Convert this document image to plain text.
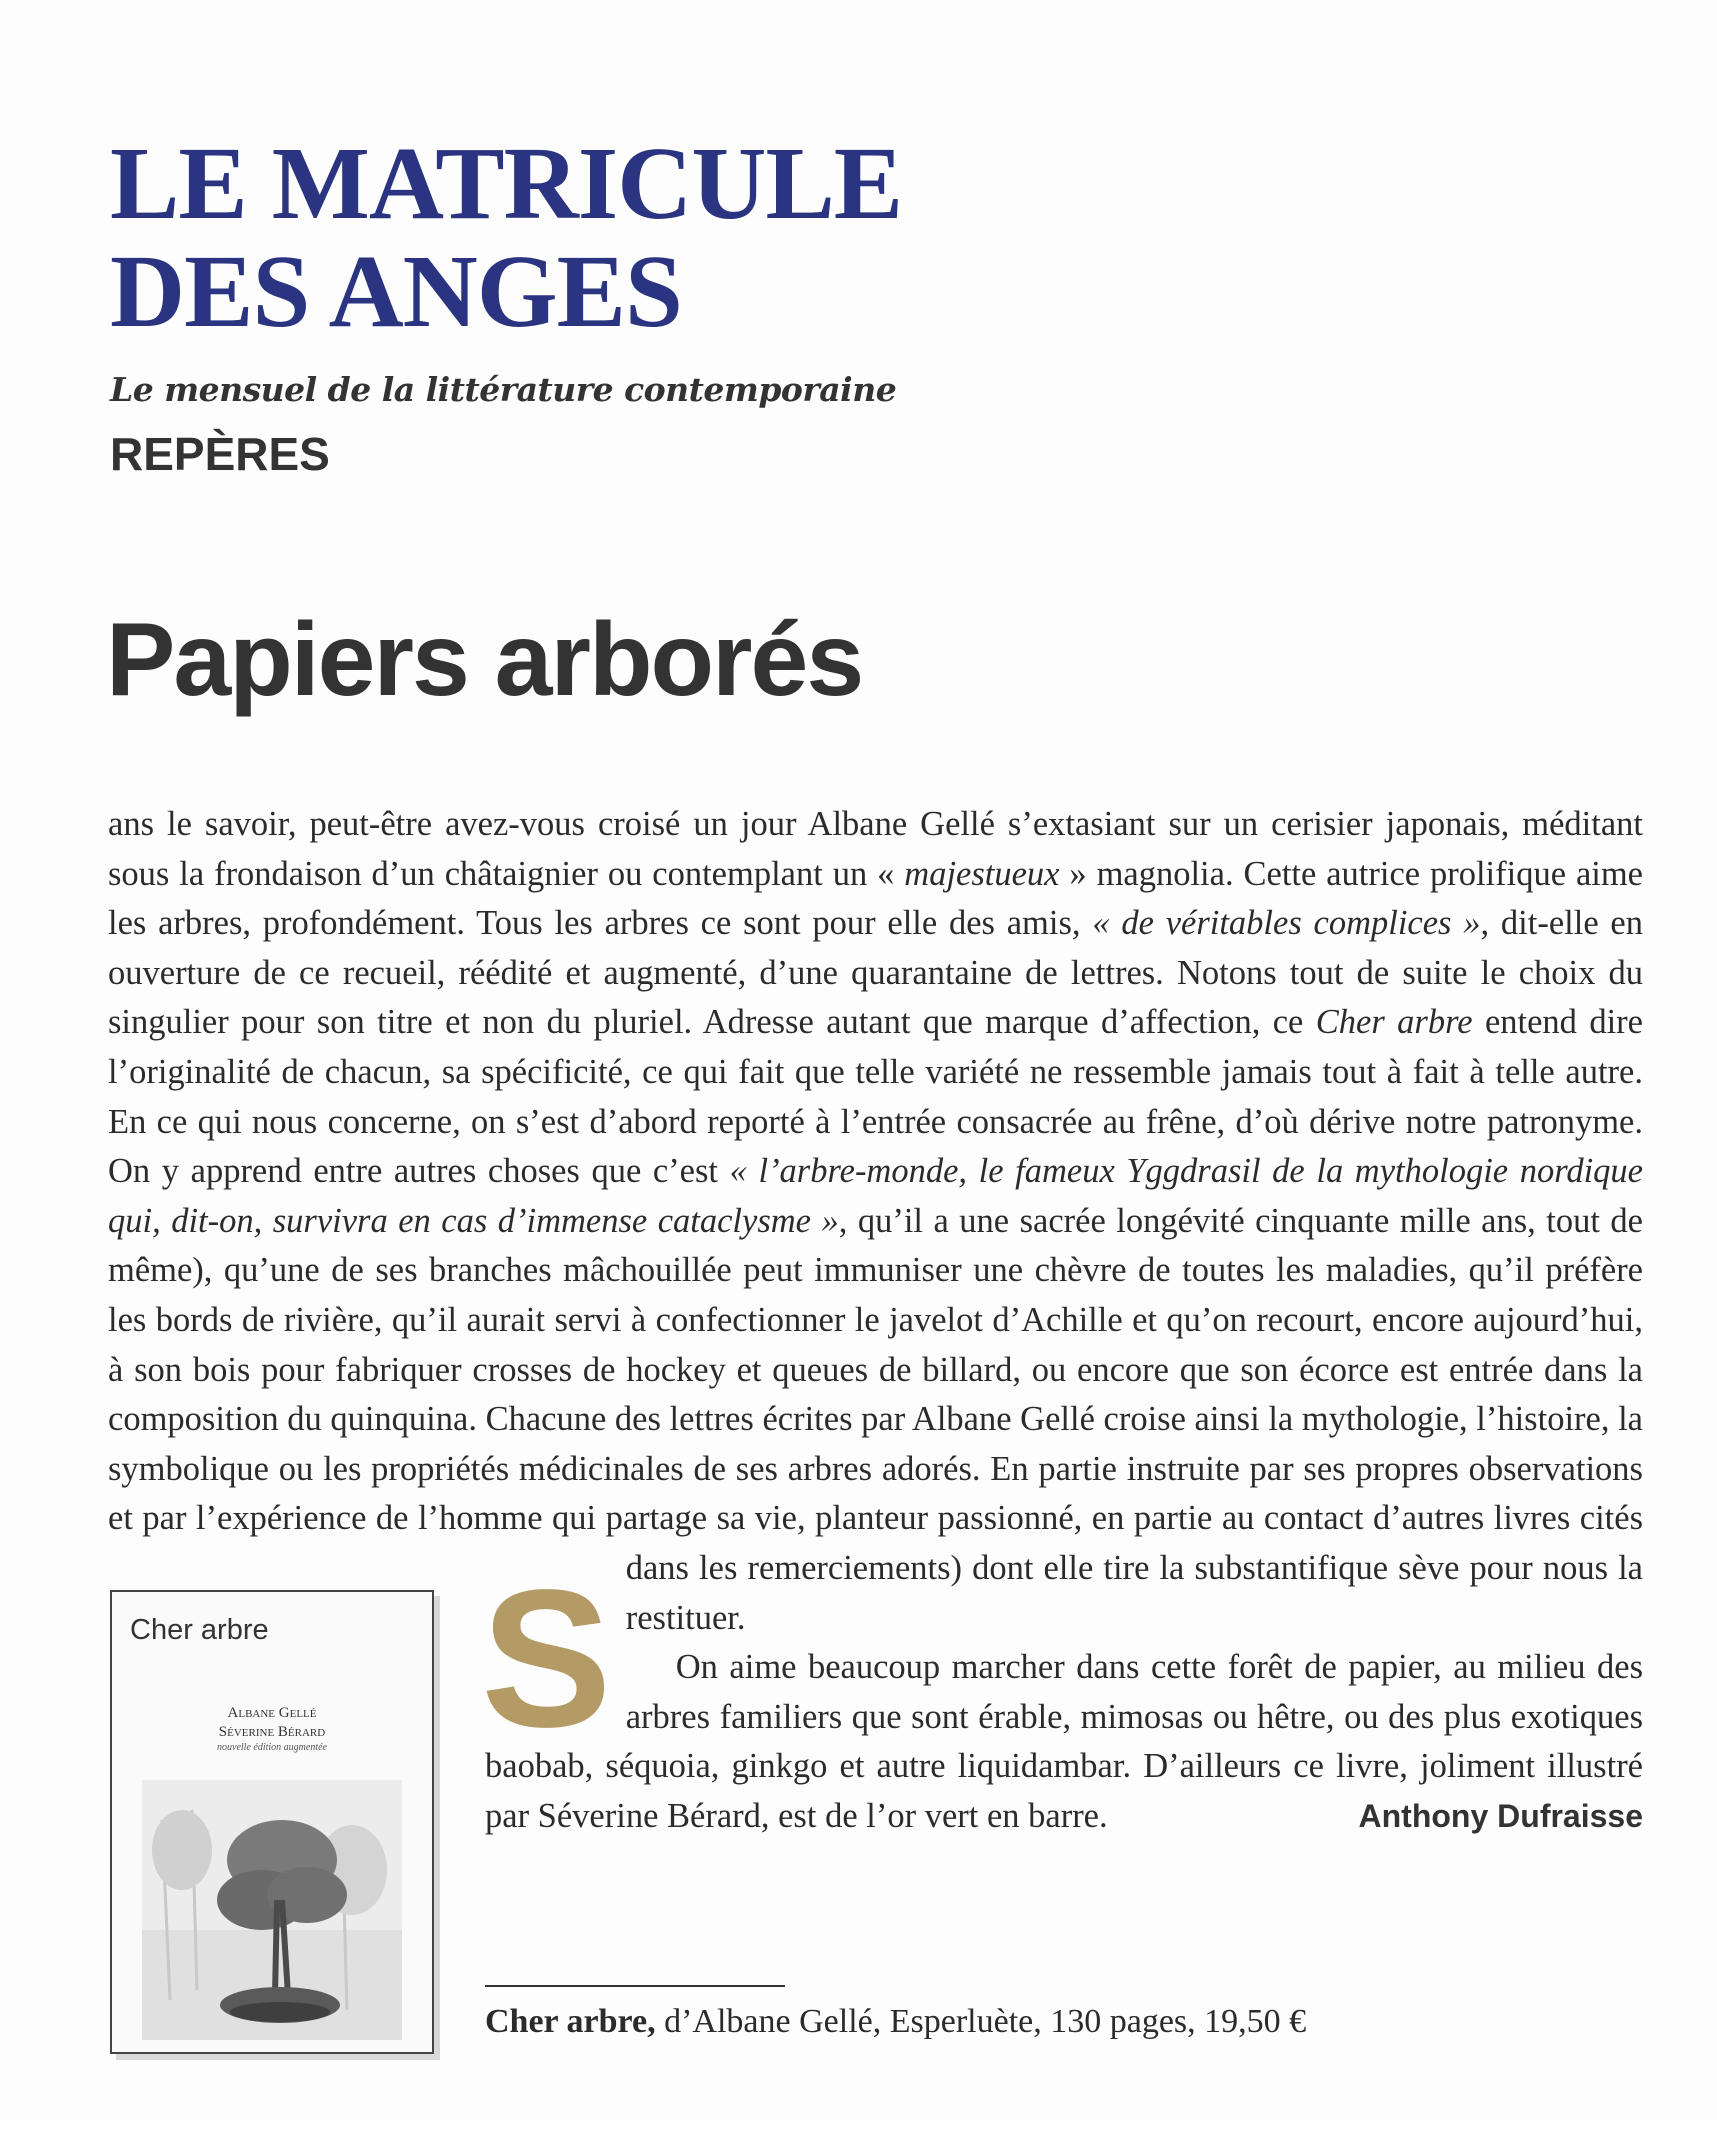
LE MATRICULE
DES ANGES
Le mensuel de la littérature contemporaine
REPÈRES
Papiers arborés

S
ans le savoir, peut-être avez-vous croisé un jour Albane Gellé s’extasiant sur un cerisier japonais, méditant sous la frondaison d’un châtaignier ou contemplant un « majestueux » magnolia. Cette autrice prolifique aime les arbres, profondément. Tous les arbres ce sont pour elle des amis, « de véritables complices », dit-elle en ouverture de ce recueil, réédité et augmenté, d’une quarantaine de lettres. Notons tout de suite le choix du singulier pour son titre et non du pluriel. Adresse autant que marque d’affection, ce Cher arbre entend dire l’originalité de chacun, sa spécificité, ce qui fait que telle variété ne ressemble jamais tout à fait à telle autre. En ce qui nous concerne, on s’est d’abord reporté à l’entrée consacrée au frêne, d’où dérive notre patronyme. On y apprend entre autres choses que c’est « l’arbre-monde, le fameux Yggdrasil de la mythologie nordique qui, dit-on, survivra en cas d’immense cataclysme », qu’il a une sacrée longévité cinquante mille ans, tout de même), qu’une de ses branches mâchouillée peut immuniser une chèvre de toutes les maladies, qu’il préfère les bords de rivière, qu’il aurait servi à confectionner le javelot d’Achille et qu’on recourt, encore aujourd’hui, à son bois pour fabriquer crosses de hockey et queues de billard, ou encore que son écorce est entrée dans la composition du quinquina. Chacune des lettres écrites par Albane Gellé croise ainsi la mythologie, l’histoire, la symbolique ou les propriétés médicinales de ses arbres adorés. En partie instruite par ses propres observations et par l’expérience de l’homme qui partage sa vie, planteur passionné, en partie au contact d’autres livres cités dans les remerciements) dont elle tire la substantifique sève pour nous la restituer.

On aime beaucoup marcher dans cette forêt de papier, au milieu des arbres familiers que sont érable, mimosas ou hêtre, ou des plus exotiques baobab, séquoia, ginkgo et autre liquidambar. D’ailleurs ce livre, joliment illustré par Séverine Bérard, est de l’or vert en barre.	Anthony Dufraisse

Cher arbre
Albane Gellé
Séverine Bérard
nouvelle édition augmentée
Cher arbre, d’Albane Gellé, Esperluète, 130 pages, 19,50 €
